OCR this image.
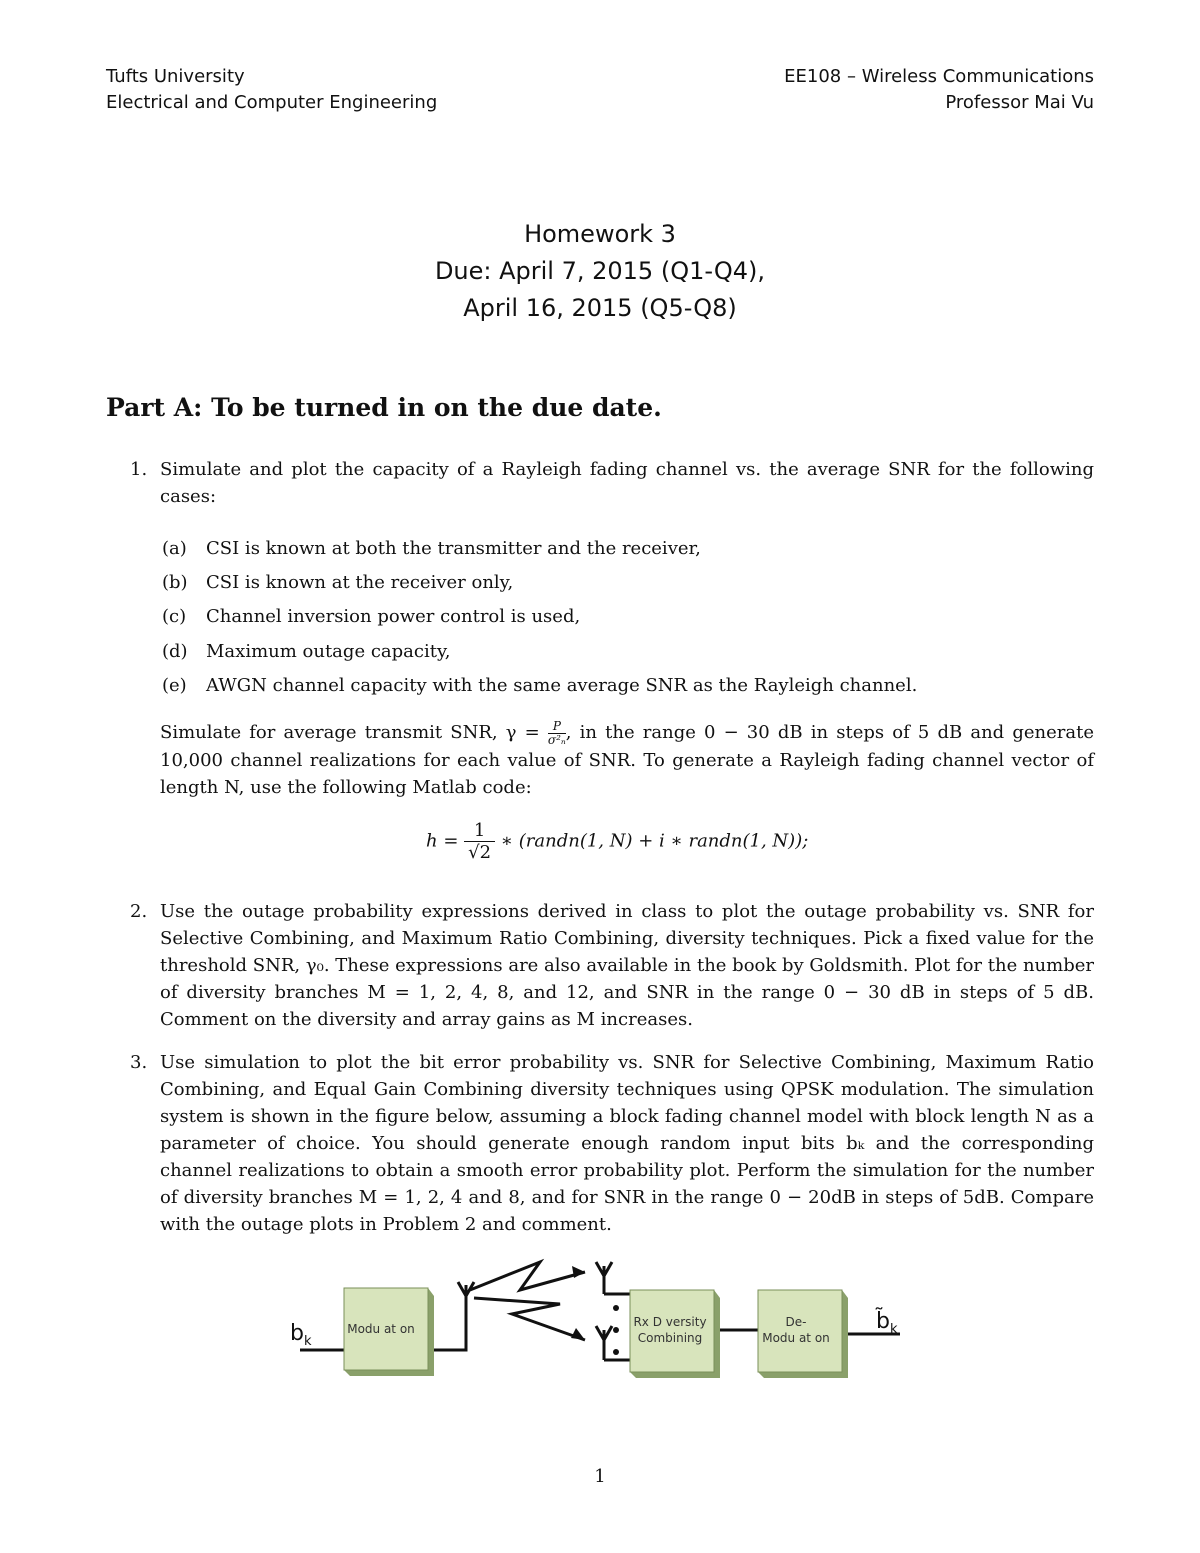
Tufts University
Electrical and Computer Engineering
EE108 – Wireless Communications
Professor Mai Vu
Homework 3
Due: April 7, 2015 (Q1-Q4),
April 16, 2015 (Q5-Q8)
Part A: To be turned in on the due date.
1. Simulate and plot the capacity of a Rayleigh fading channel vs. the average SNR for the following cases:
(a) CSI is known at both the transmitter and the receiver,
(b) CSI is known at the receiver only,
(c) Channel inversion power control is used,
(d) Maximum outage capacity,
(e) AWGN channel capacity with the same average SNR as the Rayleigh channel.
Simulate for average transmit SNR, $\gamma = \frac{P}{\text{σ²ₙ}}$ , in the range 0 − 30 dB in steps of 5 dB and generate 10,000 channel realizations for each value of SNR. To generate a Rayleigh fading channel vector of length N, use the following Matlab code:
$h = \frac{1}{√2}$ ∗ (randn(1, N) + i ∗ randn(1, N));
2. Use the outage probability expressions derived in class to plot the outage probability vs. SNR for Selective Combining, and Maximum Ratio Combining, diversity techniques. Pick a fixed value for the threshold SNR, γ₀. These expressions are also available in the book by Goldsmith. Plot for the number of diversity branches M = 1, 2, 4, 8, and 12, and SNR in the range 0 − 30 dB in steps of 5 dB. Comment on the diversity and array gains as M increases.
3. Use simulation to plot the bit error probability vs. SNR for Selective Combining, Maximum Ratio Combining, and Equal Gain Combining diversity techniques using QPSK modulation. The simulation system is shown in the figure below, assuming a block fading channel model with block length N as a parameter of choice. You should generate enough random input bits bₖ and the corresponding channel realizations to obtain a smooth error probability plot. Perform the simulation for the number of diversity branches M = 1, 2, 4 and 8, and for SNR in the range 0 − 20dB in steps of 5dB. Compare with the outage plots in Problem 2 and comment.
Modu at on	Rx D versity
Combining
De-
Modu at on
b k
b̃ k
1
